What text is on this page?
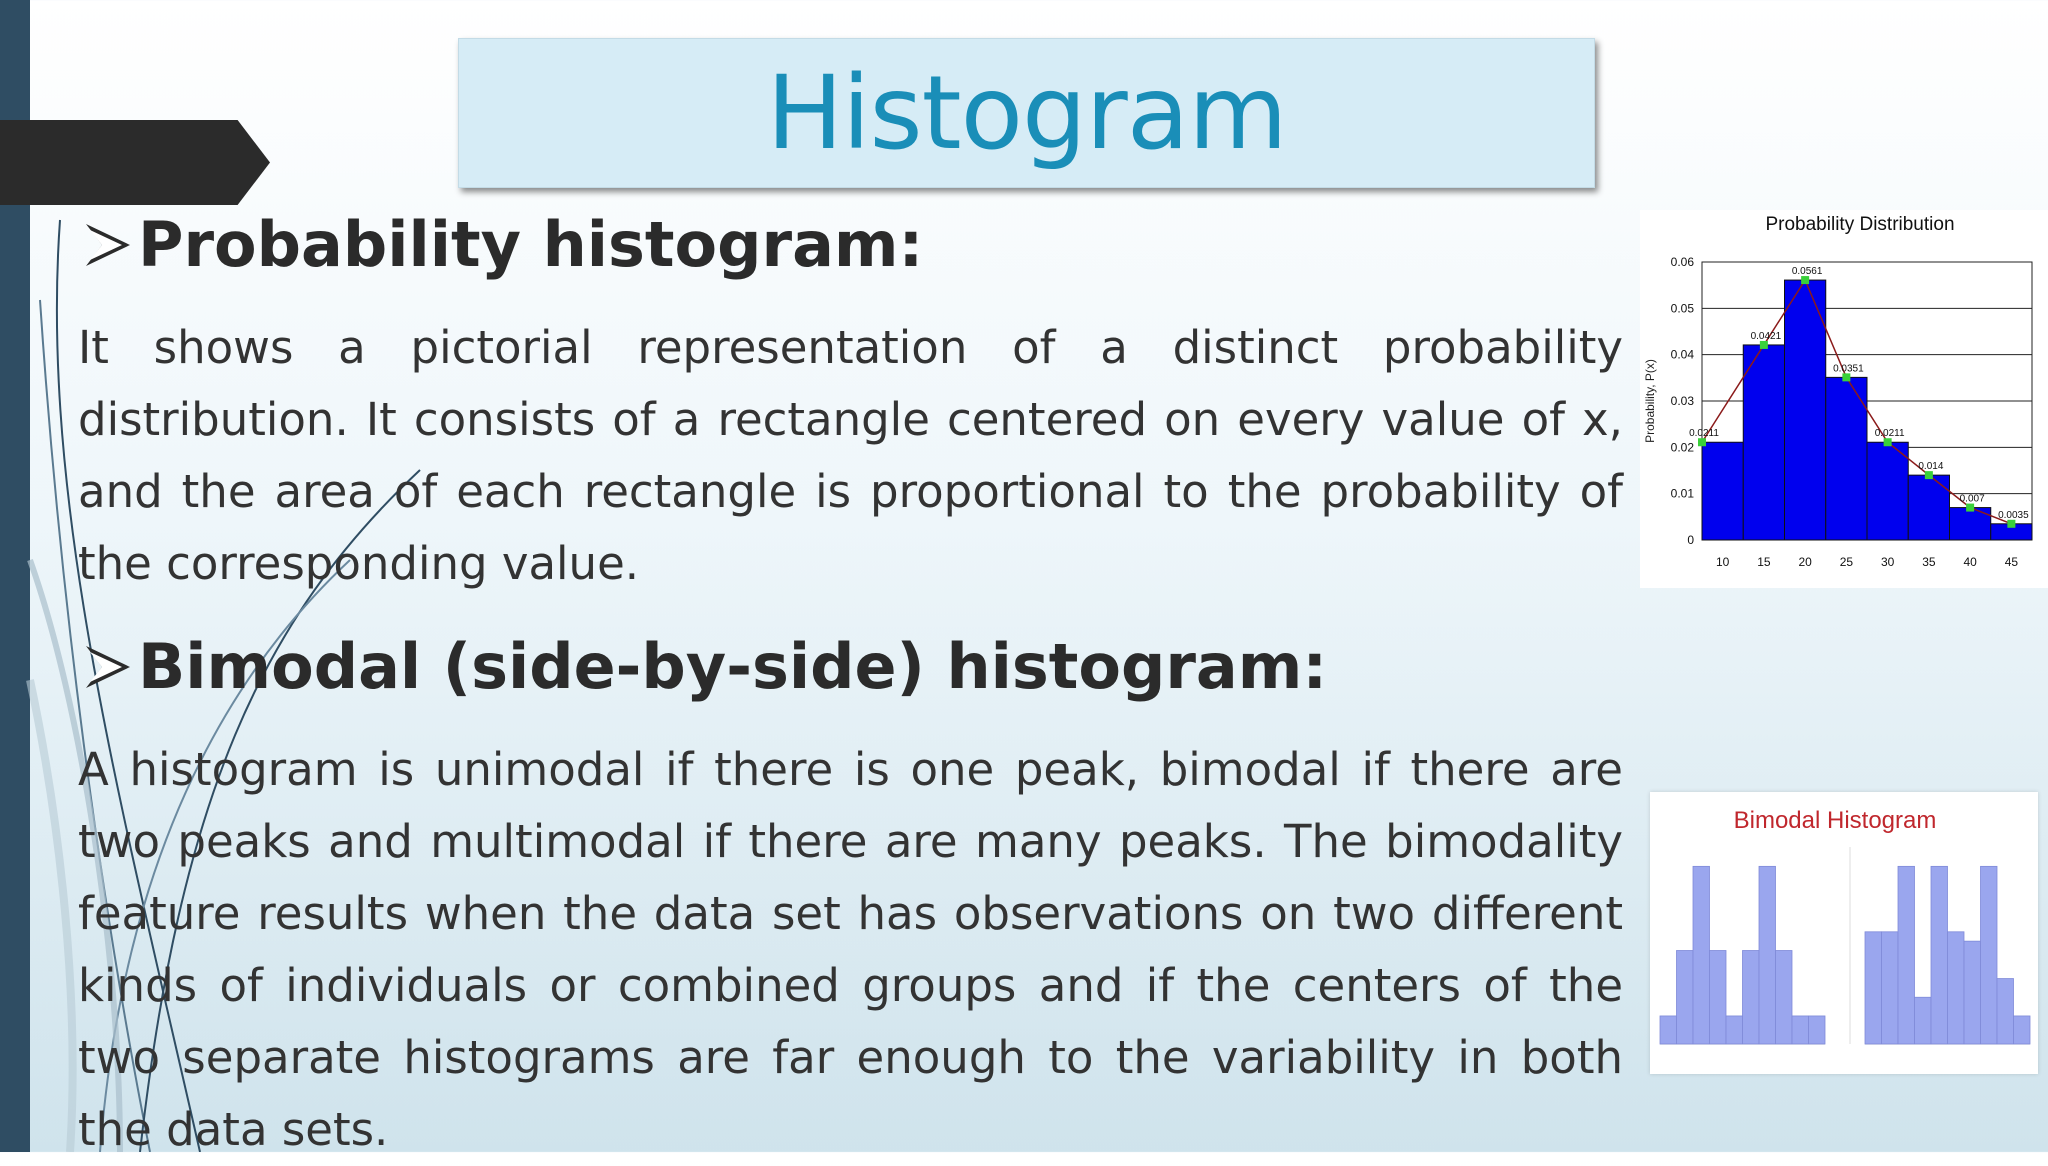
Histogram
Probability histogram:
It shows a pictorial representation of a distinct probability distribution. It consists of a rectangle centered on every value of x, and the area of each rectangle is proportional to the probability of the corresponding value.
Bimodal (side-by-side) histogram:
A histogram is unimodal if there is one peak, bimodal if there are two peaks and multimodal if there are many peaks. The bimodality feature results when the data set has observations on two different kinds of individuals or combined groups and if the centers of the two separate histograms are far enough to the variability in both the data sets.
Probability Distribution
Probability, P(x)
0
0.01
0.02
0.03
0.04
0.05
0.06
10 15 20 25 30 35 40 45
0.0211
0.0421
0.0561
0.0351
0.0211
0.014
0.007
0.0035
Bimodal Histogram
